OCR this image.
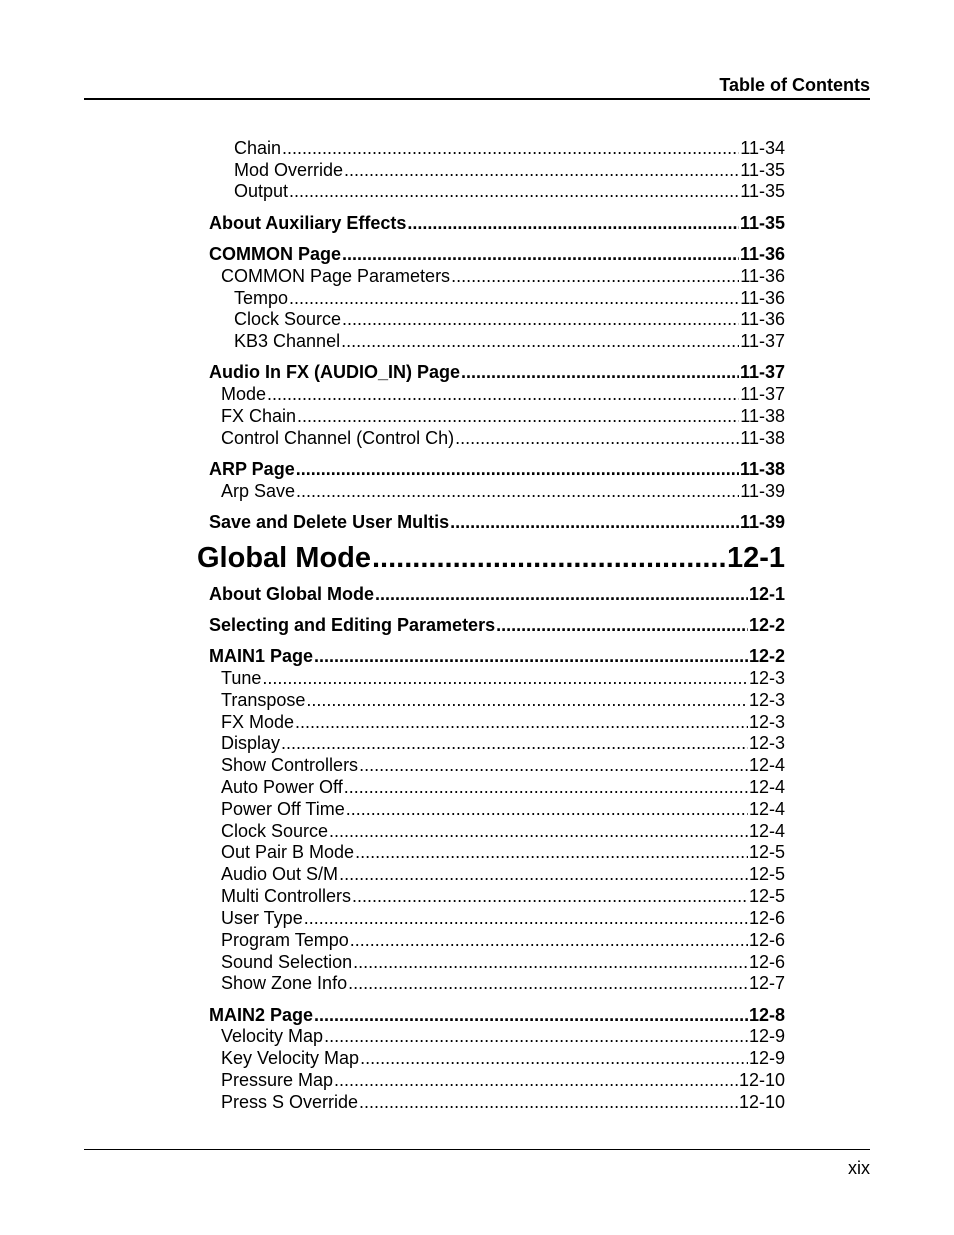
Table of Contents
Chain .....	11-34
Mod Override .....	11-35
Output .....	11-35
About Auxiliary Effects .....	11-35
COMMON Page .....	11-36
COMMON Page Parameters .....	11-36
Tempo .....	11-36
Clock Source .....	11-36
KB3 Channel .....	11-37
Audio In FX (AUDIO_IN) Page .....	11-37
Mode .....	11-37
FX Chain .....	11-38
Control Channel (Control Ch) .....	11-38
ARP Page .....	11-38
Arp Save .....	11-39
Save and Delete User Multis .....	11-39
Global Mode .....	12-1
About Global Mode .....	12-1
Selecting and Editing Parameters .....	12-2
MAIN1 Page .....	12-2
Tune .....	12-3
Transpose .....	12-3
FX Mode .....	12-3
Display .....	12-3
Show Controllers .....	12-4
Auto Power Off .....	12-4
Power Off Time .....	12-4
Clock Source .....	12-4
Out Pair B Mode .....	12-5
Audio Out S/M .....	12-5
Multi Controllers .....	12-5
User Type .....	12-6
Program Tempo .....	12-6
Sound Selection .....	12-6
Show Zone Info .....	12-7
MAIN2 Page .....	12-8
Velocity Map .....	12-9
Key Velocity Map .....	12-9
Pressure Map .....	12-10
Press S Override .....	12-10
xix
